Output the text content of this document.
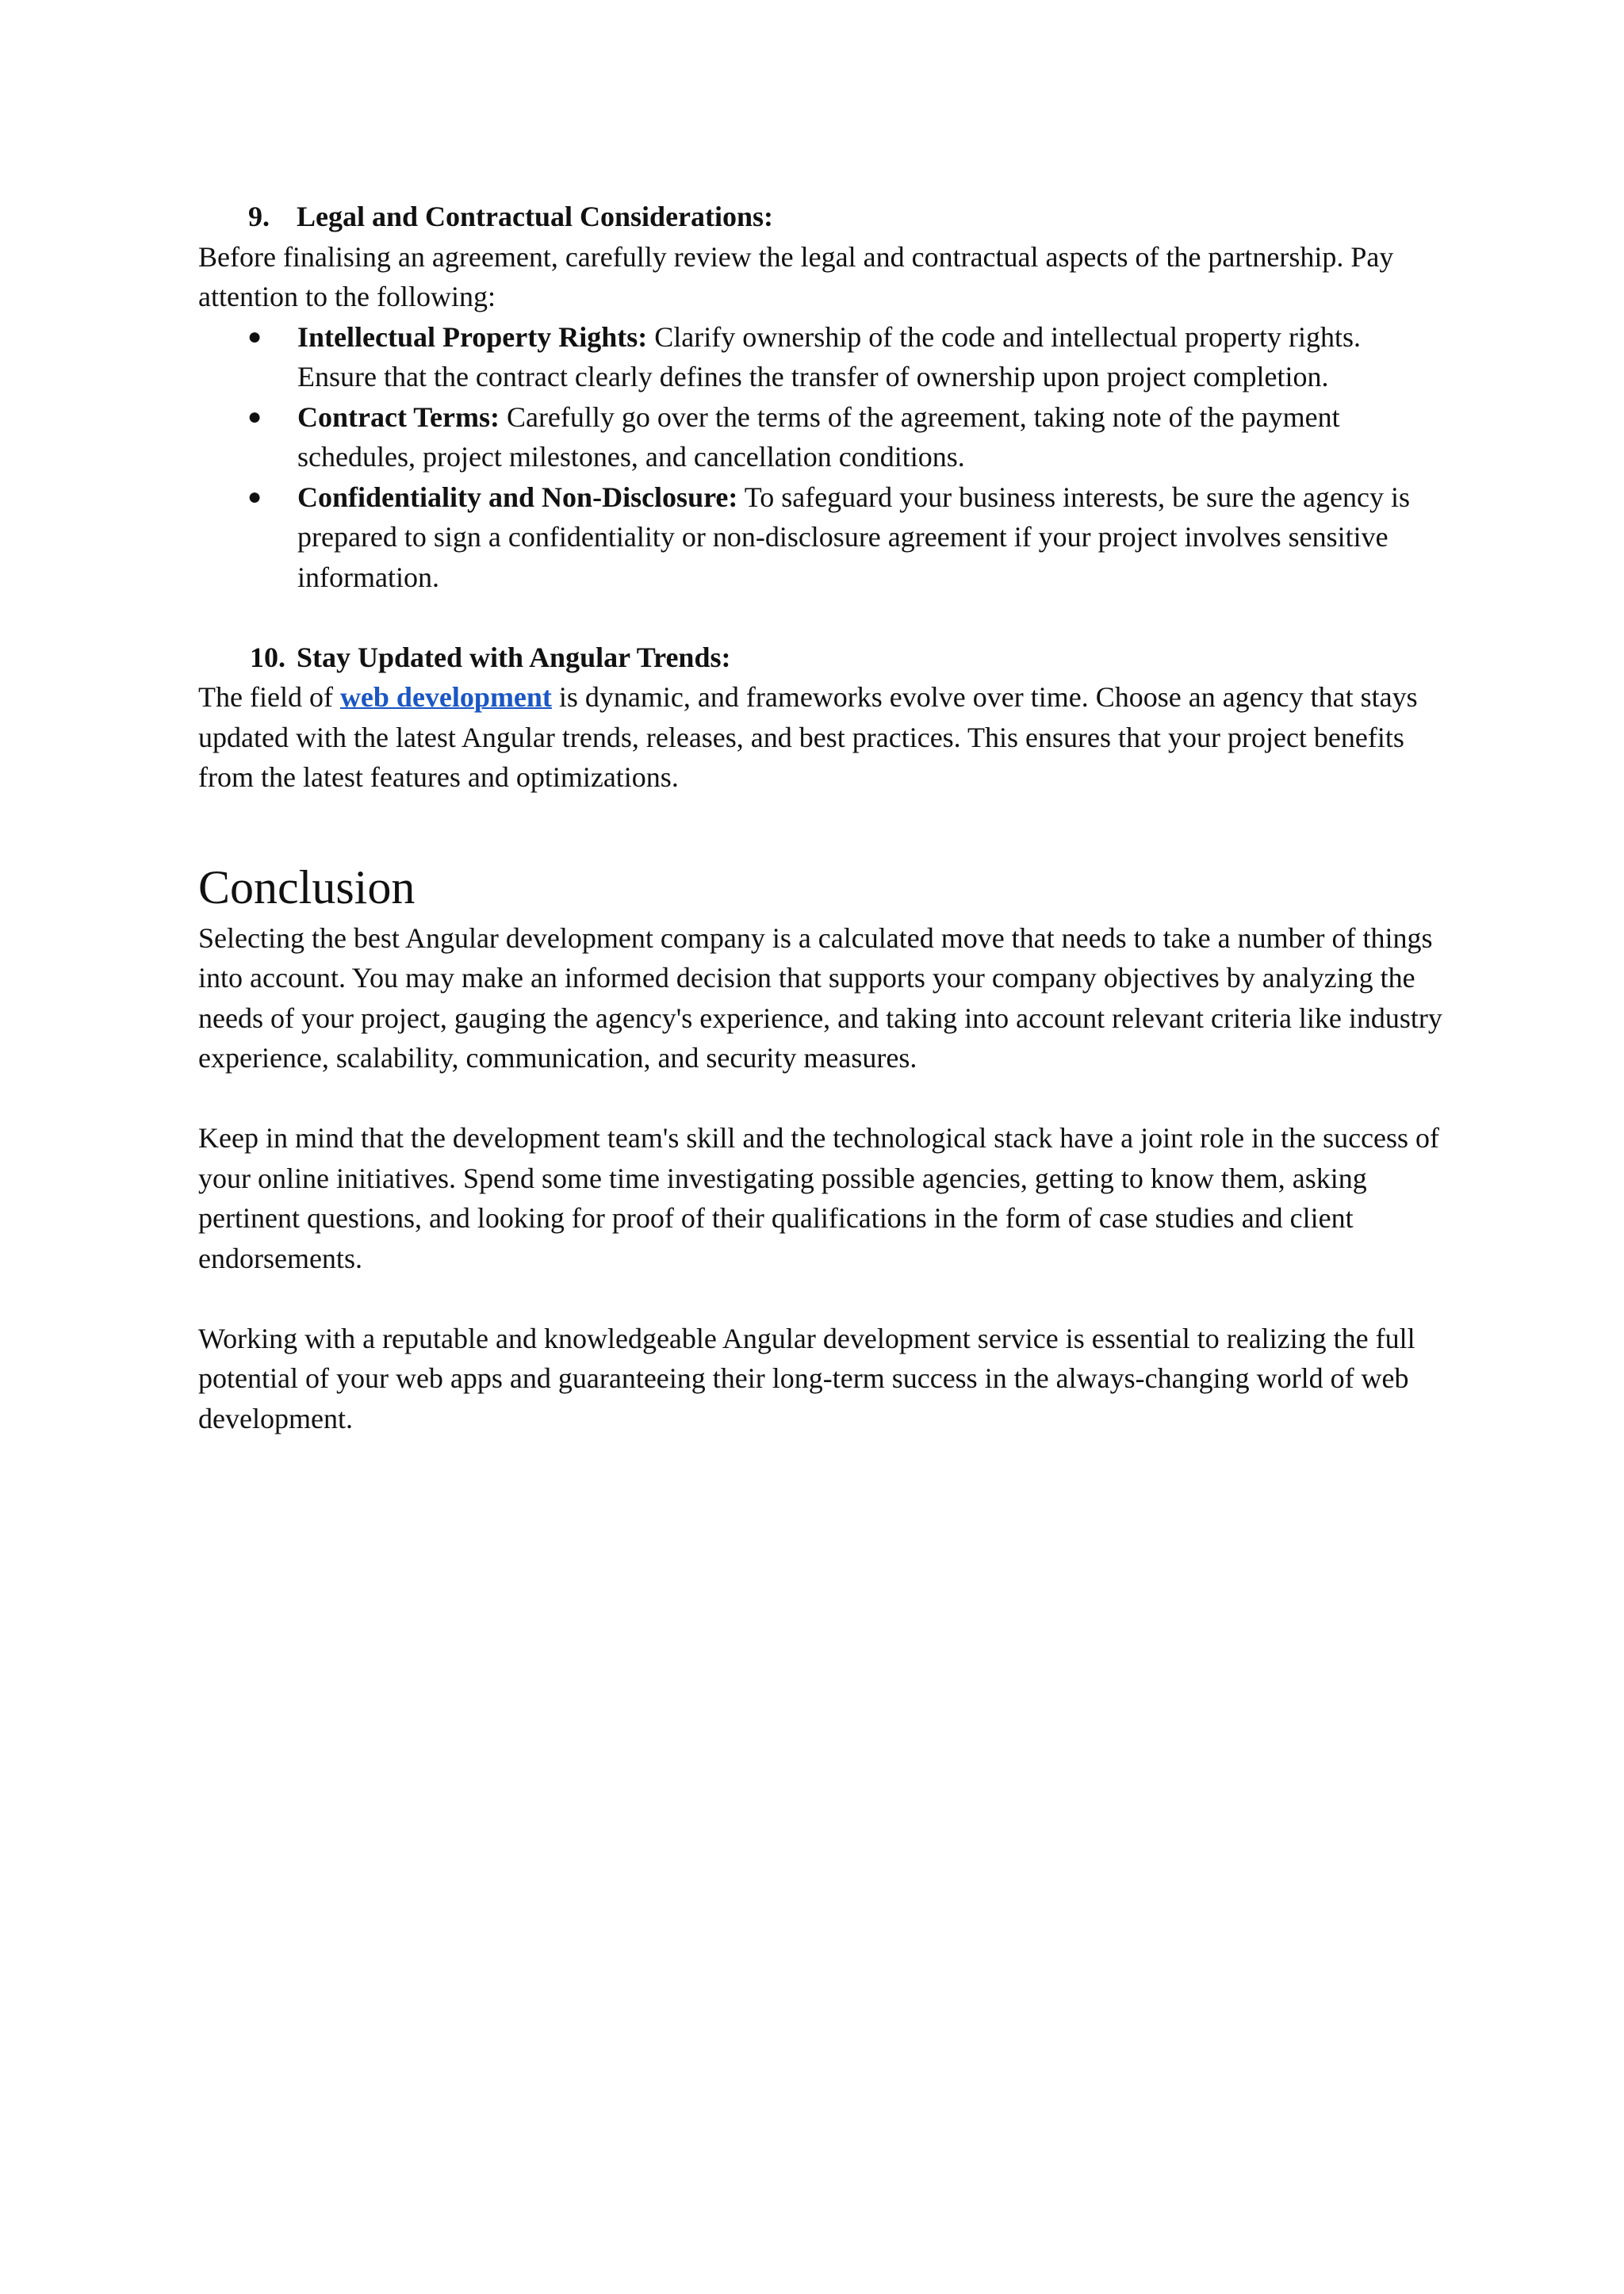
9. Legal and Contractual Considerations:

Before finalising an agreement, carefully review the legal and contractual aspects of the partnership. Pay attention to the following:

● Intellectual Property Rights: Clarify ownership of the code and intellectual property rights. Ensure that the contract clearly defines the transfer of ownership upon project completion.
● Contract Terms: Carefully go over the terms of the agreement, taking note of the payment schedules, project milestones, and cancellation conditions.
● Confidentiality and Non-Disclosure: To safeguard your business interests, be sure the agency is prepared to sign a confidentiality or non-disclosure agreement if your project involves sensitive information.
10. Stay Updated with Angular Trends:

The field of web development is dynamic, and frameworks evolve over time. Choose an agency that stays updated with the latest Angular trends, releases, and best practices. This ensures that your project benefits from the latest features and optimizations.

Conclusion

Selecting the best Angular development company is a calculated move that needs to take a number of things into account. You may make an informed decision that supports your company objectives by analyzing the needs of your project, gauging the agency's experience, and taking into account relevant criteria like industry experience, scalability, communication, and security measures.

Keep in mind that the development team's skill and the technological stack have a joint role in the success of your online initiatives. Spend some time investigating possible agencies, getting to know them, asking pertinent questions, and looking for proof of their qualifications in the form of case studies and client endorsements.

Working with a reputable and knowledgeable Angular development service is essential to realizing the full potential of your web apps and guaranteeing their long-term success in the always-changing world of web development.
